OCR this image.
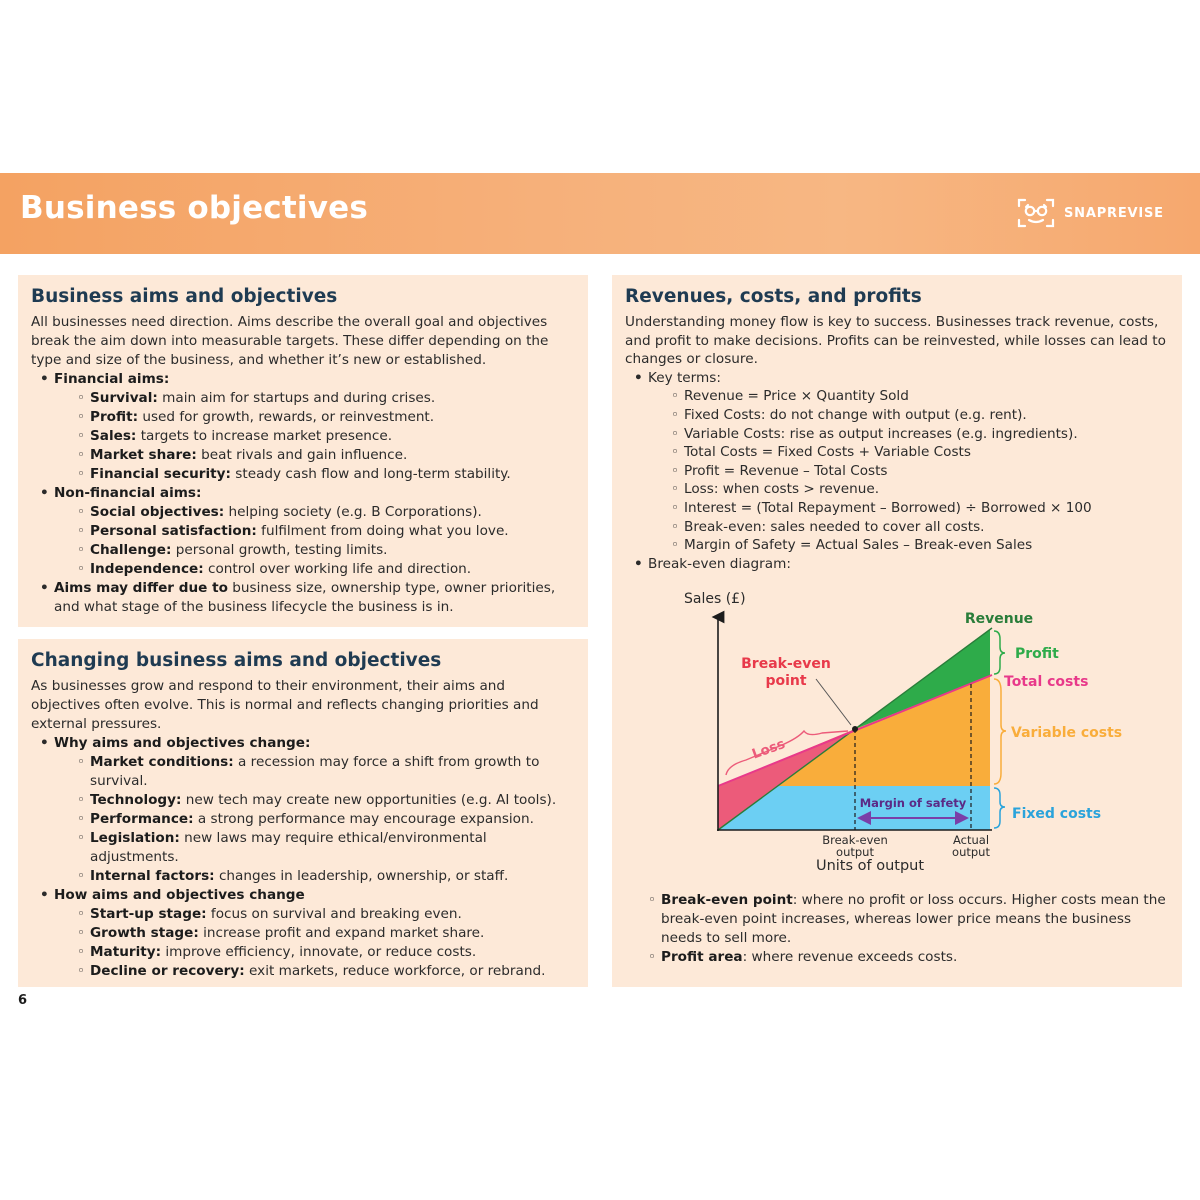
Business objectives	SNAPREVISE
Business aims and objectives

All businesses need direction. Aims describe the overall goal and objectives break the aim down into measurable targets. These differ depending on the type and size of the business, and whether it’s new or established.

• Financial aims:
◦ Survival: main aim for startups and during crises.
◦ Profit: used for growth, rewards, or reinvestment.
◦ Sales: targets to increase market presence.
◦ Market share: beat rivals and gain influence.
◦ Financial security: steady cash flow and long-term stability.
• Non-financial aims:
◦ Social objectives: helping society (e.g. B Corporations).
◦ Personal satisfaction: fulfilment from doing what you love.
◦ Challenge: personal growth, testing limits.
◦ Independence: control over working life and direction.
• Aims may differ due to business size, ownership type, owner priorities, and what stage of the business lifecycle the business is in.
Changing business aims and objectives

As businesses grow and respond to their environment, their aims and objectives often evolve. This is normal and reflects changing priorities and external pressures.

• Why aims and objectives change:
◦ Market conditions: a recession may force a shift from growth to survival.
◦ Technology: new tech may create new opportunities (e.g. AI tools).
◦ Performance: a strong performance may encourage expansion.
◦ Legislation: new laws may require ethical/environmental adjustments.
◦ Internal factors: changes in leadership, ownership, or staff.
• How aims and objectives change
◦ Start-up stage: focus on survival and breaking even.
◦ Growth stage: increase profit and expand market share.
◦ Maturity: improve efficiency, innovate, or reduce costs.
◦ Decline or recovery: exit markets, reduce workforce, or rebrand.
Revenues, costs, and profits

Understanding money flow is key to success. Businesses track revenue, costs, and profit to make decisions. Profits can be reinvested, while losses can lead to changes or closure.

• Key terms:
◦ Revenue = Price × Quantity Sold
◦ Fixed Costs: do not change with output (e.g. rent).
◦ Variable Costs: rise as output increases (e.g. ingredients).
◦ Total Costs = Fixed Costs + Variable Costs
◦ Profit = Revenue – Total Costs
◦ Loss: when costs > revenue.
◦ Interest = (Total Repayment – Borrowed) ÷ Borrowed × 100
◦ Break-even: sales needed to cover all costs.
◦ Margin of Safety = Actual Sales – Break-even Sales
• Break-even diagram:
Sales (£)
Units of output
Revenue
Profit
Total costs
Variable costs
Fixed costs
Break-even
point
Loss
Margin of safety
Break-even
output
Actual
output
◦ Break-even point: where no profit or loss occurs. Higher costs mean the break-even point increases, whereas lower price means the business needs to sell more.
◦ Profit area: where revenue exceeds costs.
6
